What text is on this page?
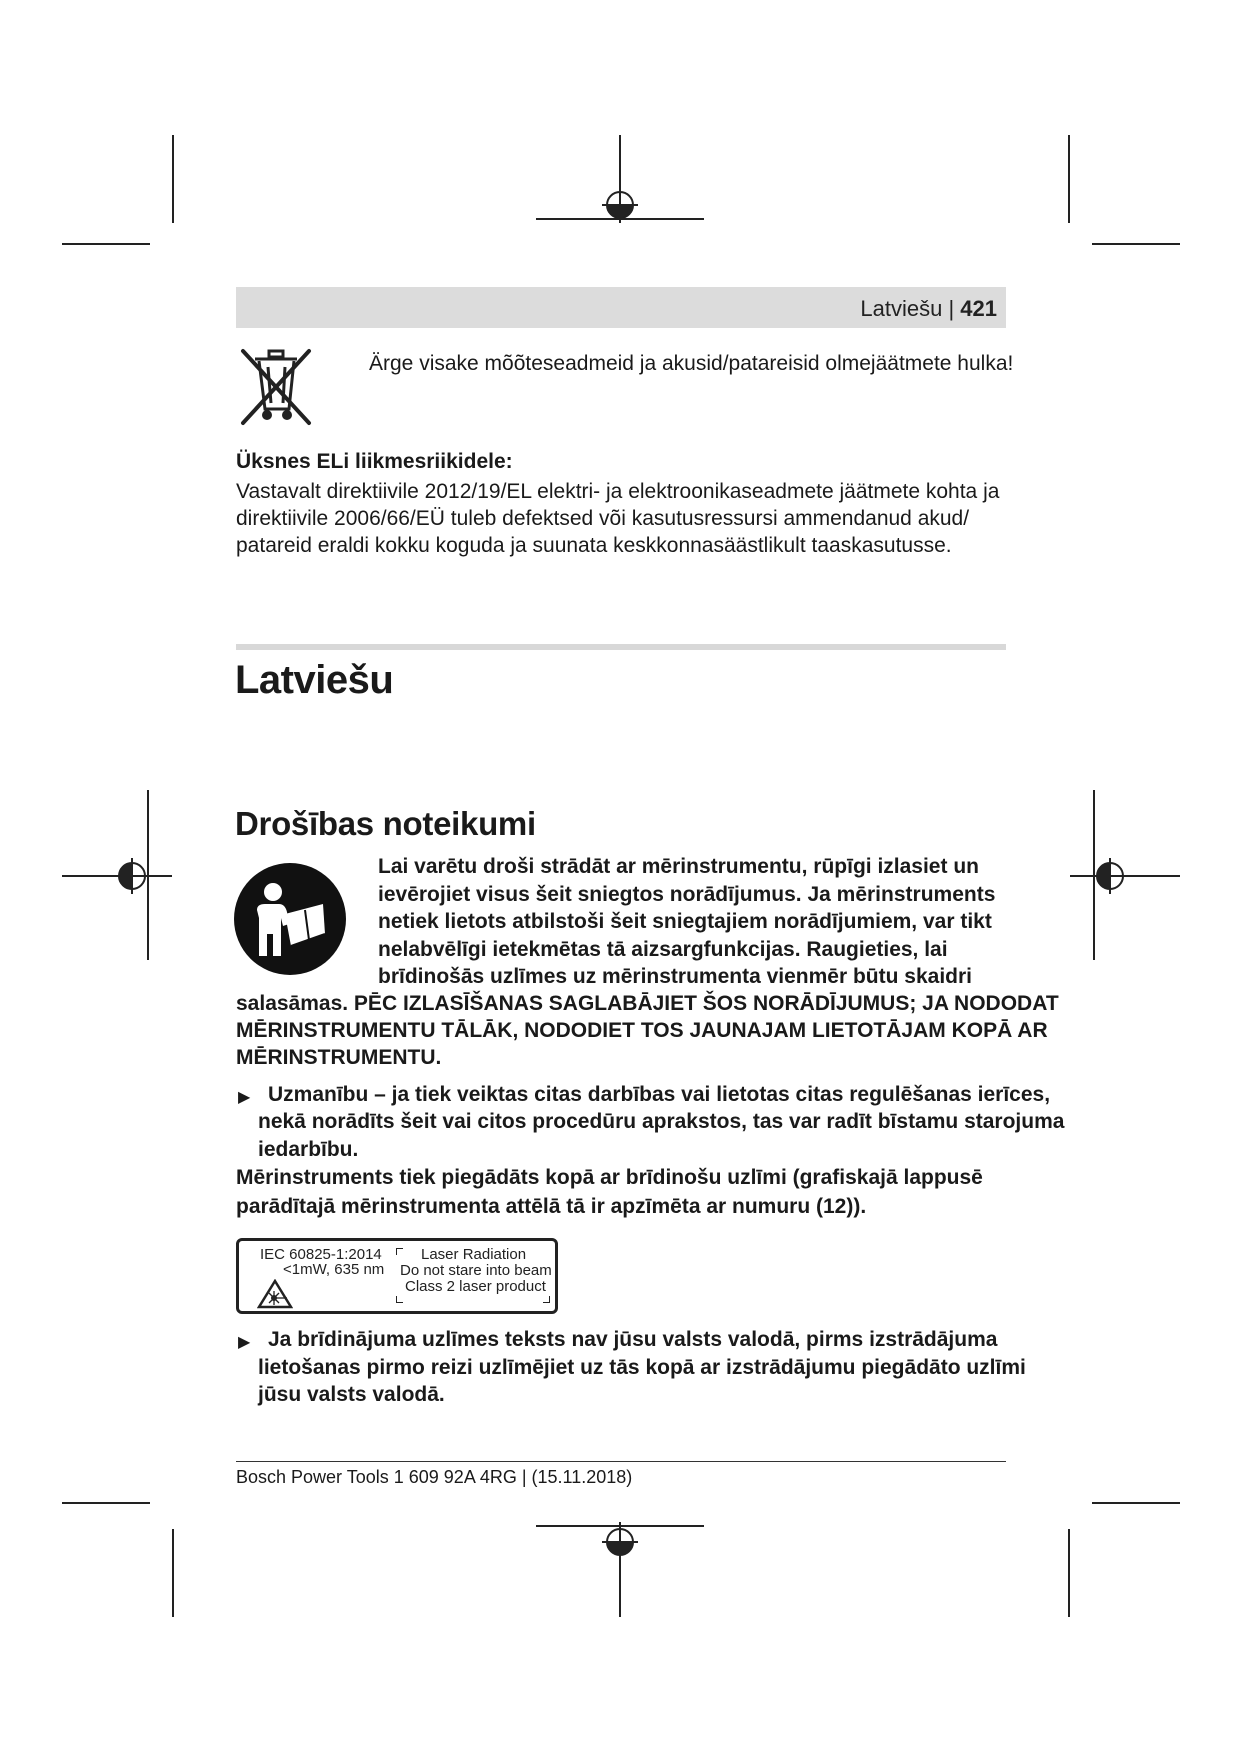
Latviešu | 421
Ärge visake mõõteseadmeid ja akusid/patareisid olmejäätmete hulka!
Üksnes ELi liikmesriikidele:
Vastavalt direktiivile 2012/19/EL elektri- ja elektroonikaseadmete jäätmete kohta ja
direktiivile 2006/66/EÜ tuleb defektsed või kasutusressursi ammendanud akud/
patareid eraldi kokku koguda ja suunata keskkonnasäästlikult taaskasutusse.
Latviešu
Drošības noteikumi
Lai varētu droši strādāt ar mērinstrumentu, rūpīgi izlasiet un
ievērojiet visus šeit sniegtos norādījumus. Ja mērinstruments
netiek lietots atbilstoši šeit sniegtajiem norādījumiem, var tikt
nelabvēlīgi ietekmētas tā aizsargfunkcijas. Raugieties, lai
brīdinošās uzlīmes uz mērinstrumenta vienmēr būtu skaidri
salasāmas. PĒC IZLASĪŠANAS SAGLABĀJIET ŠOS NORĀDĪJUMUS; JA NODODAT
MĒRINSTRUMENTU TĀLĀK, NODODIET TOS JAUNAJAM LIETOTĀJAM KOPĀ AR
MĒRINSTRUMENTU.
▶ Uzmanību – ja tiek veiktas citas darbības vai lietotas citas regulēšanas ierīces,
nekā norādīts šeit vai citos procedūru aprakstos, tas var radīt bīstamu starojuma
iedarbību.
Mērinstruments tiek piegādāts kopā ar brīdinošu uzlīmi (grafiskajā lappusē
parādītajā mērinstrumenta attēlā tā ir apzīmēta ar numuru (12)).
IEC 60825-1:2014
<1mW, 635 nm
Laser Radiation
Do not stare into beam
Class 2 laser product
▶ Ja brīdinājuma uzlīmes teksts nav jūsu valsts valodā, pirms izstrādājuma
lietošanas pirmo reizi uzlīmējiet uz tās kopā ar izstrādājumu piegādāto uzlīmi
jūsu valsts valodā.
Bosch Power Tools 1 609 92A 4RG | (15.11.2018)
